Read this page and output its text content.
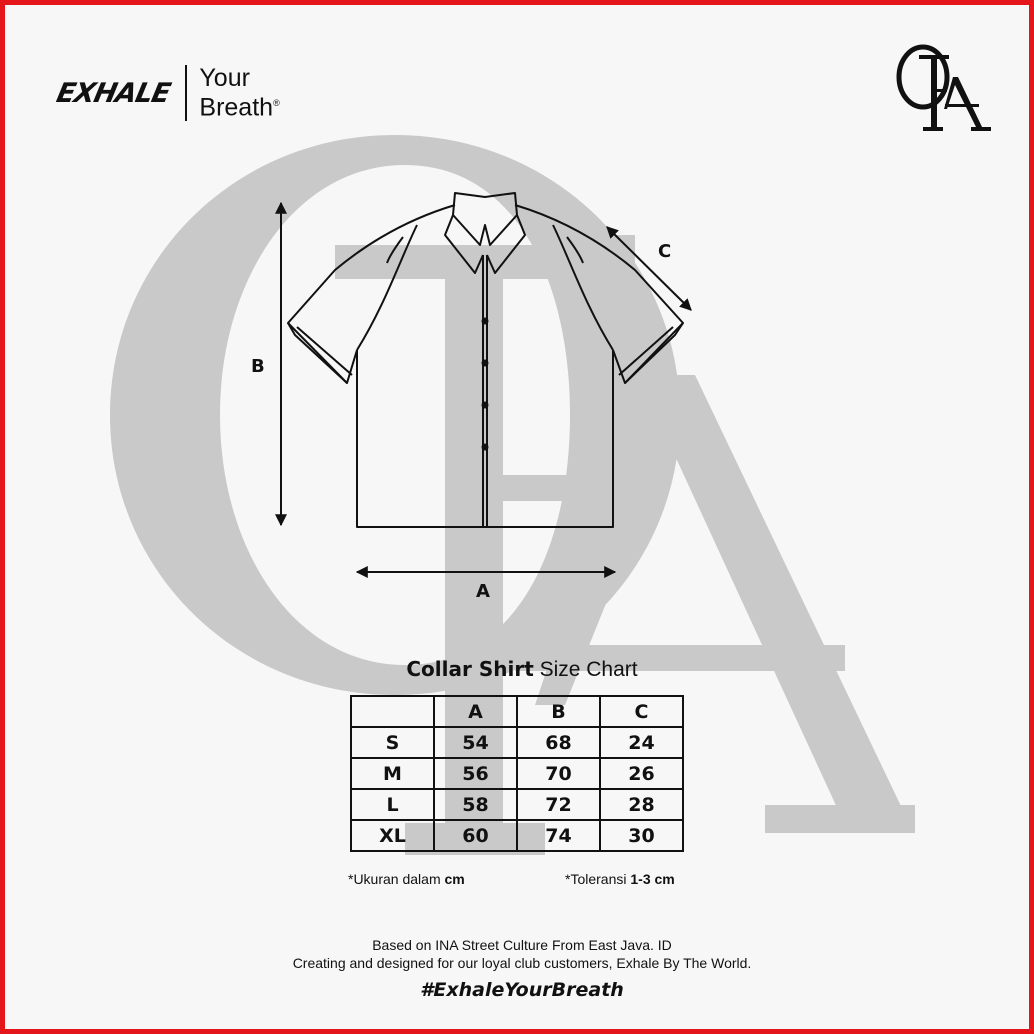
EXHALE Your
Breath®
B
A
C
Collar Shirt Size Chart
	A	B	C
S	54	68	24
M	56	70	26
L	58	72	28
XL	60	74	30
*Ukuran dalam cm	*Toleransi 1-3 cm
Based on INA Street Culture From East Java. ID
Creating and designed for our loyal club customers, Exhale By The World.
#ExhaleYourBreath
